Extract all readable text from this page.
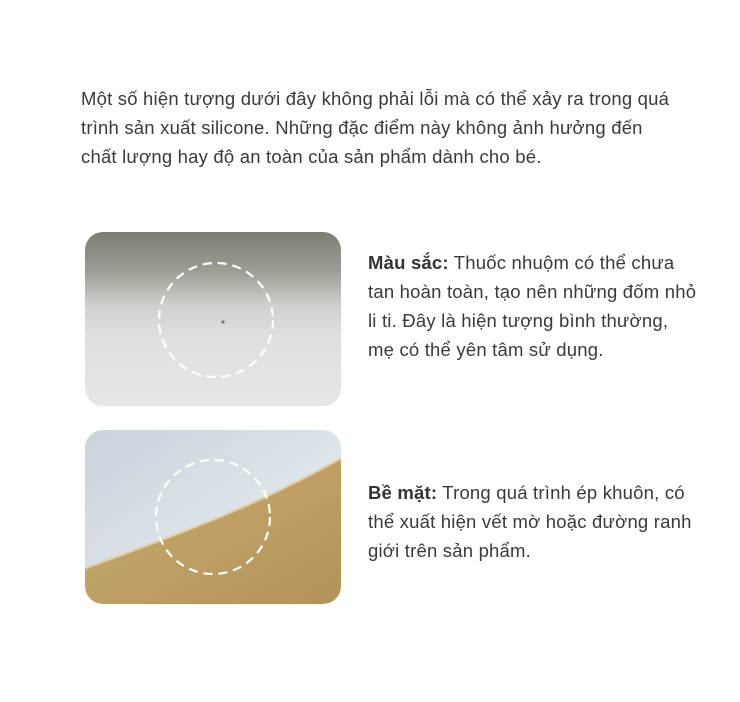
Một số hiện tượng dưới đây không phải lỗi mà có thể xảy ra trong quá trình sản xuất silicone. Những đặc điểm này không ảnh hưởng đến chất lượng hay độ an toàn của sản phẩm dành cho bé.

Màu sắc: Thuốc nhuộm có thể chưa tan hoàn toàn, tạo nên những đốm nhỏ li ti. Đây là hiện tượng bình thường, mẹ có thể yên tâm sử dụng.

Bề mặt: Trong quá trình ép khuôn, có thể xuất hiện vết mờ hoặc đường ranh giới trên sản phẩm.
